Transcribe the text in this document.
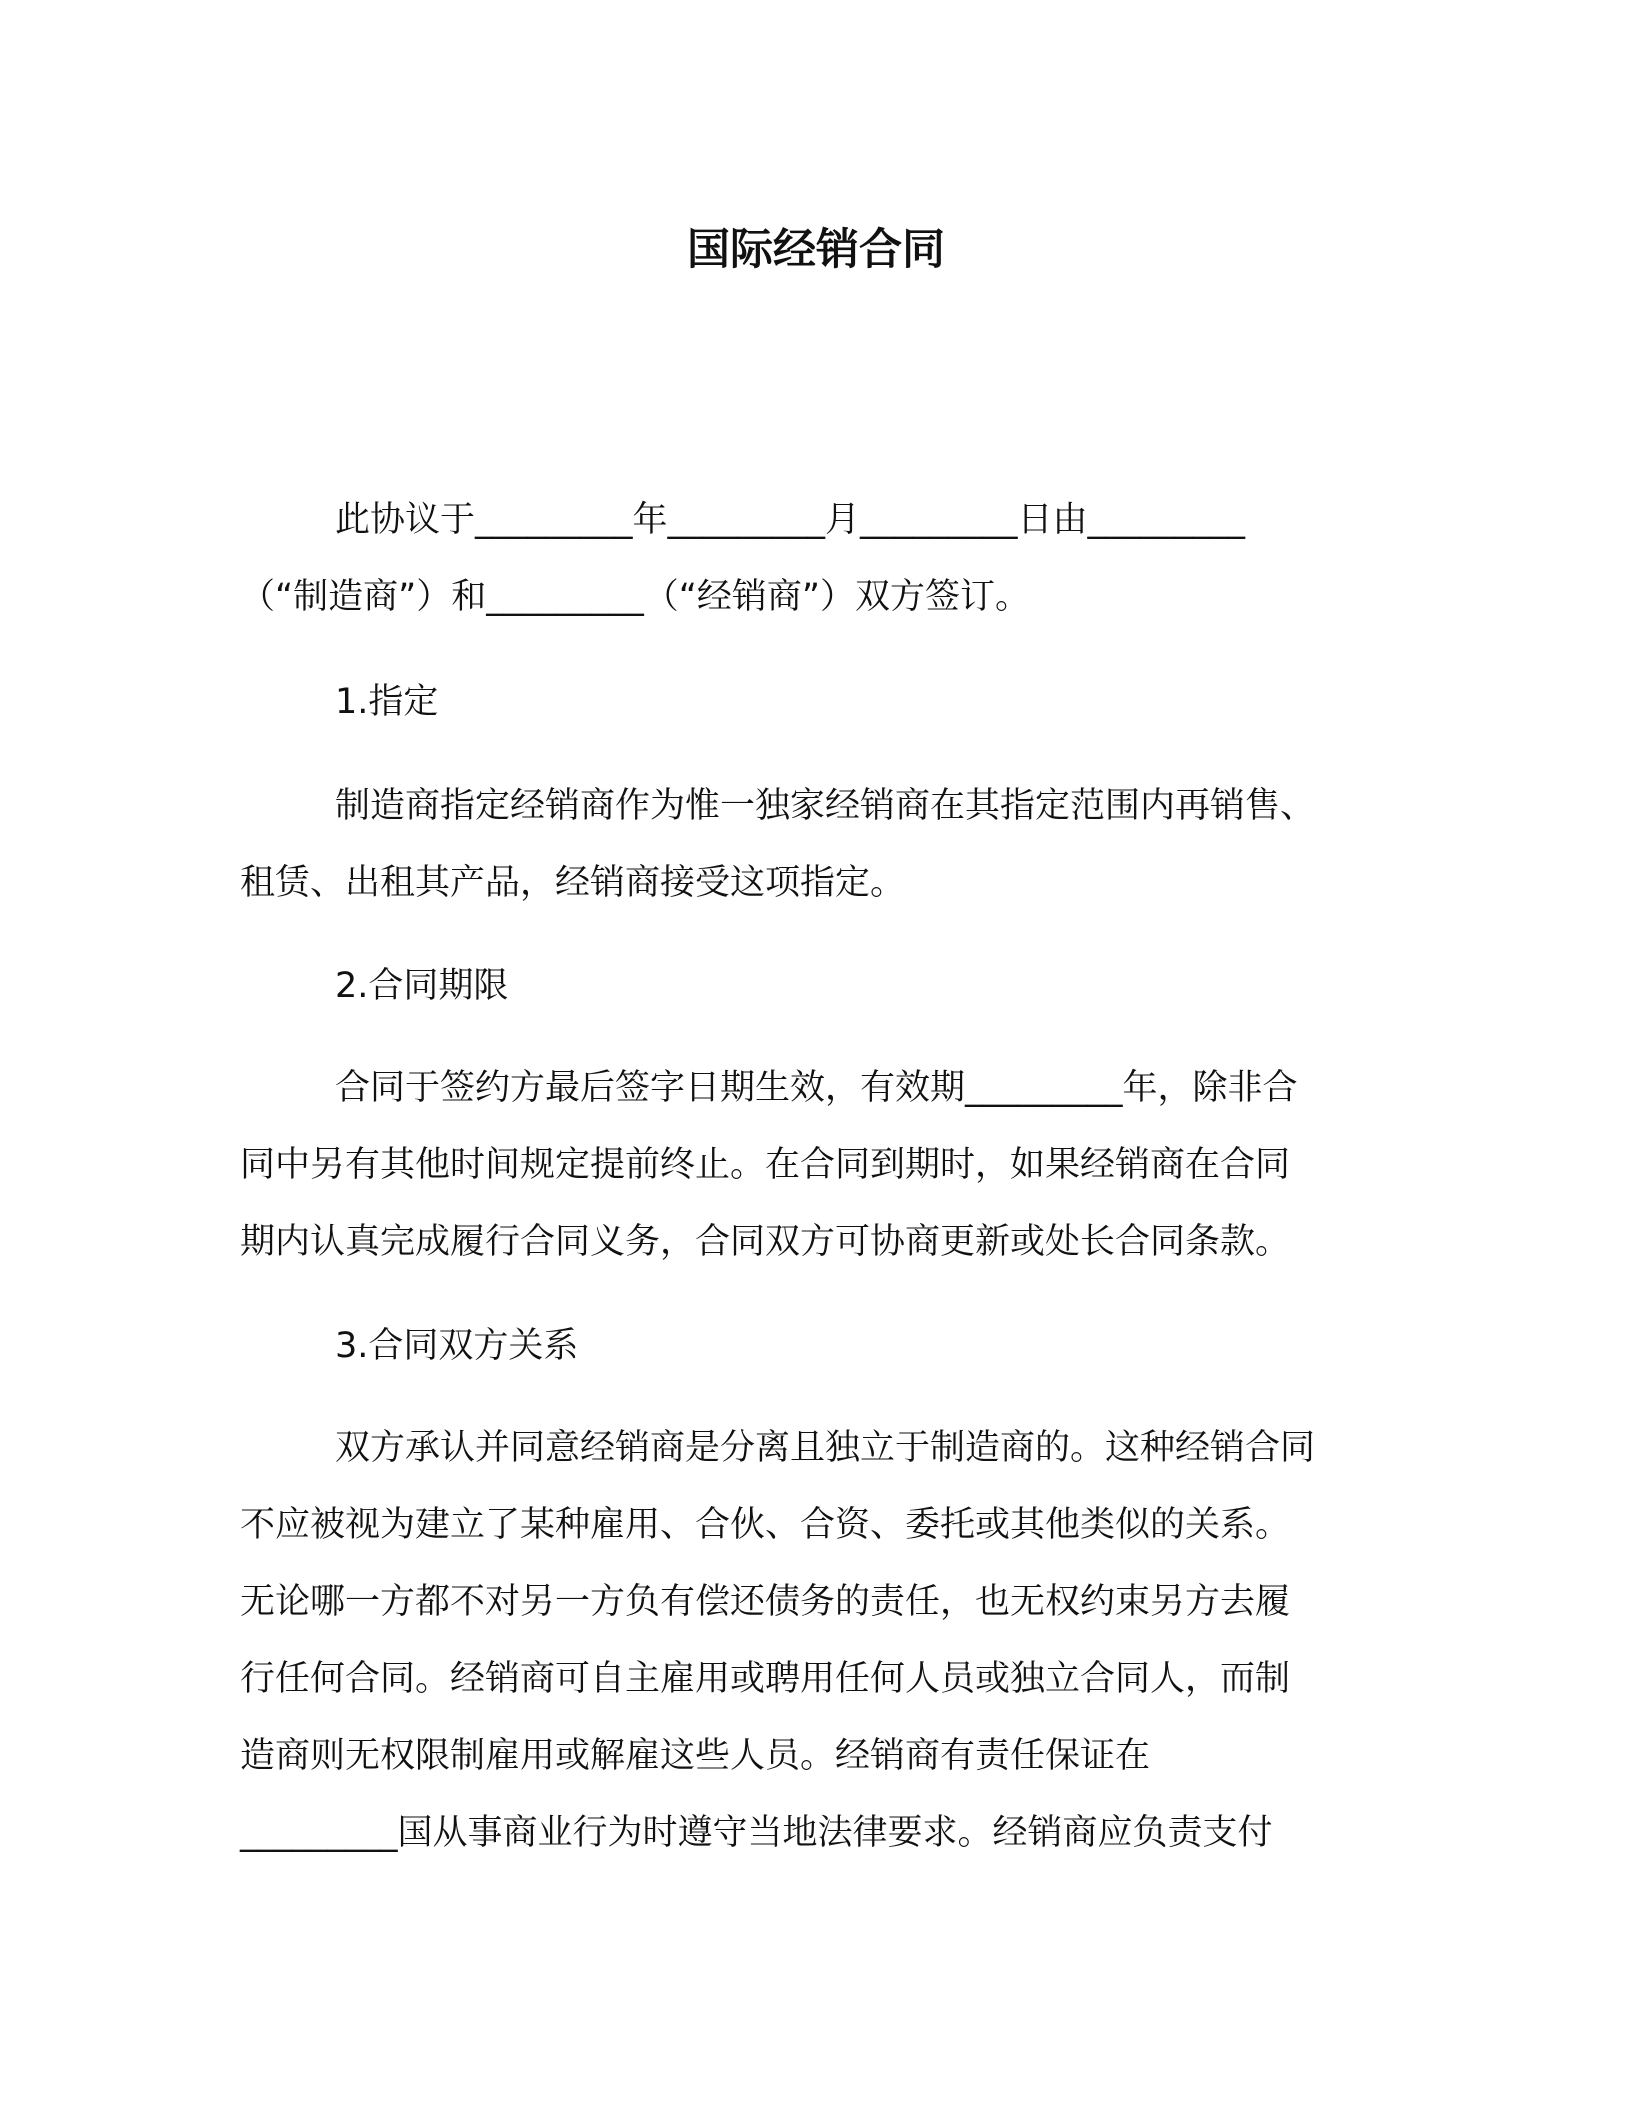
国际经销合同
此协议于_________年_________月_________日由_________
（“制造商”）和_________（“经销商”）双方签订。
1.指定
制造商指定经销商作为惟一独家经销商在其指定范围内再销售、
租赁、出租其产品，经销商接受这项指定。
2.合同期限
合同于签约方最后签字日期生效，有效期_________年，除非合
同中另有其他时间规定提前终止。在合同到期时，如果经销商在合同
期内认真完成履行合同义务，合同双方可协商更新或处长合同条款。
3.合同双方关系
双方承认并同意经销商是分离且独立于制造商的。这种经销合同
不应被视为建立了某种雇用、合伙、合资、委托或其他类似的关系。
无论哪一方都不对另一方负有偿还债务的责任，也无权约束另方去履
行任何合同。经销商可自主雇用或聘用任何人员或独立合同人，而制
造商则无权限制雇用或解雇这些人员。经销商有责任保证在
_________国从事商业行为时遵守当地法律要求。经销商应负责支付
